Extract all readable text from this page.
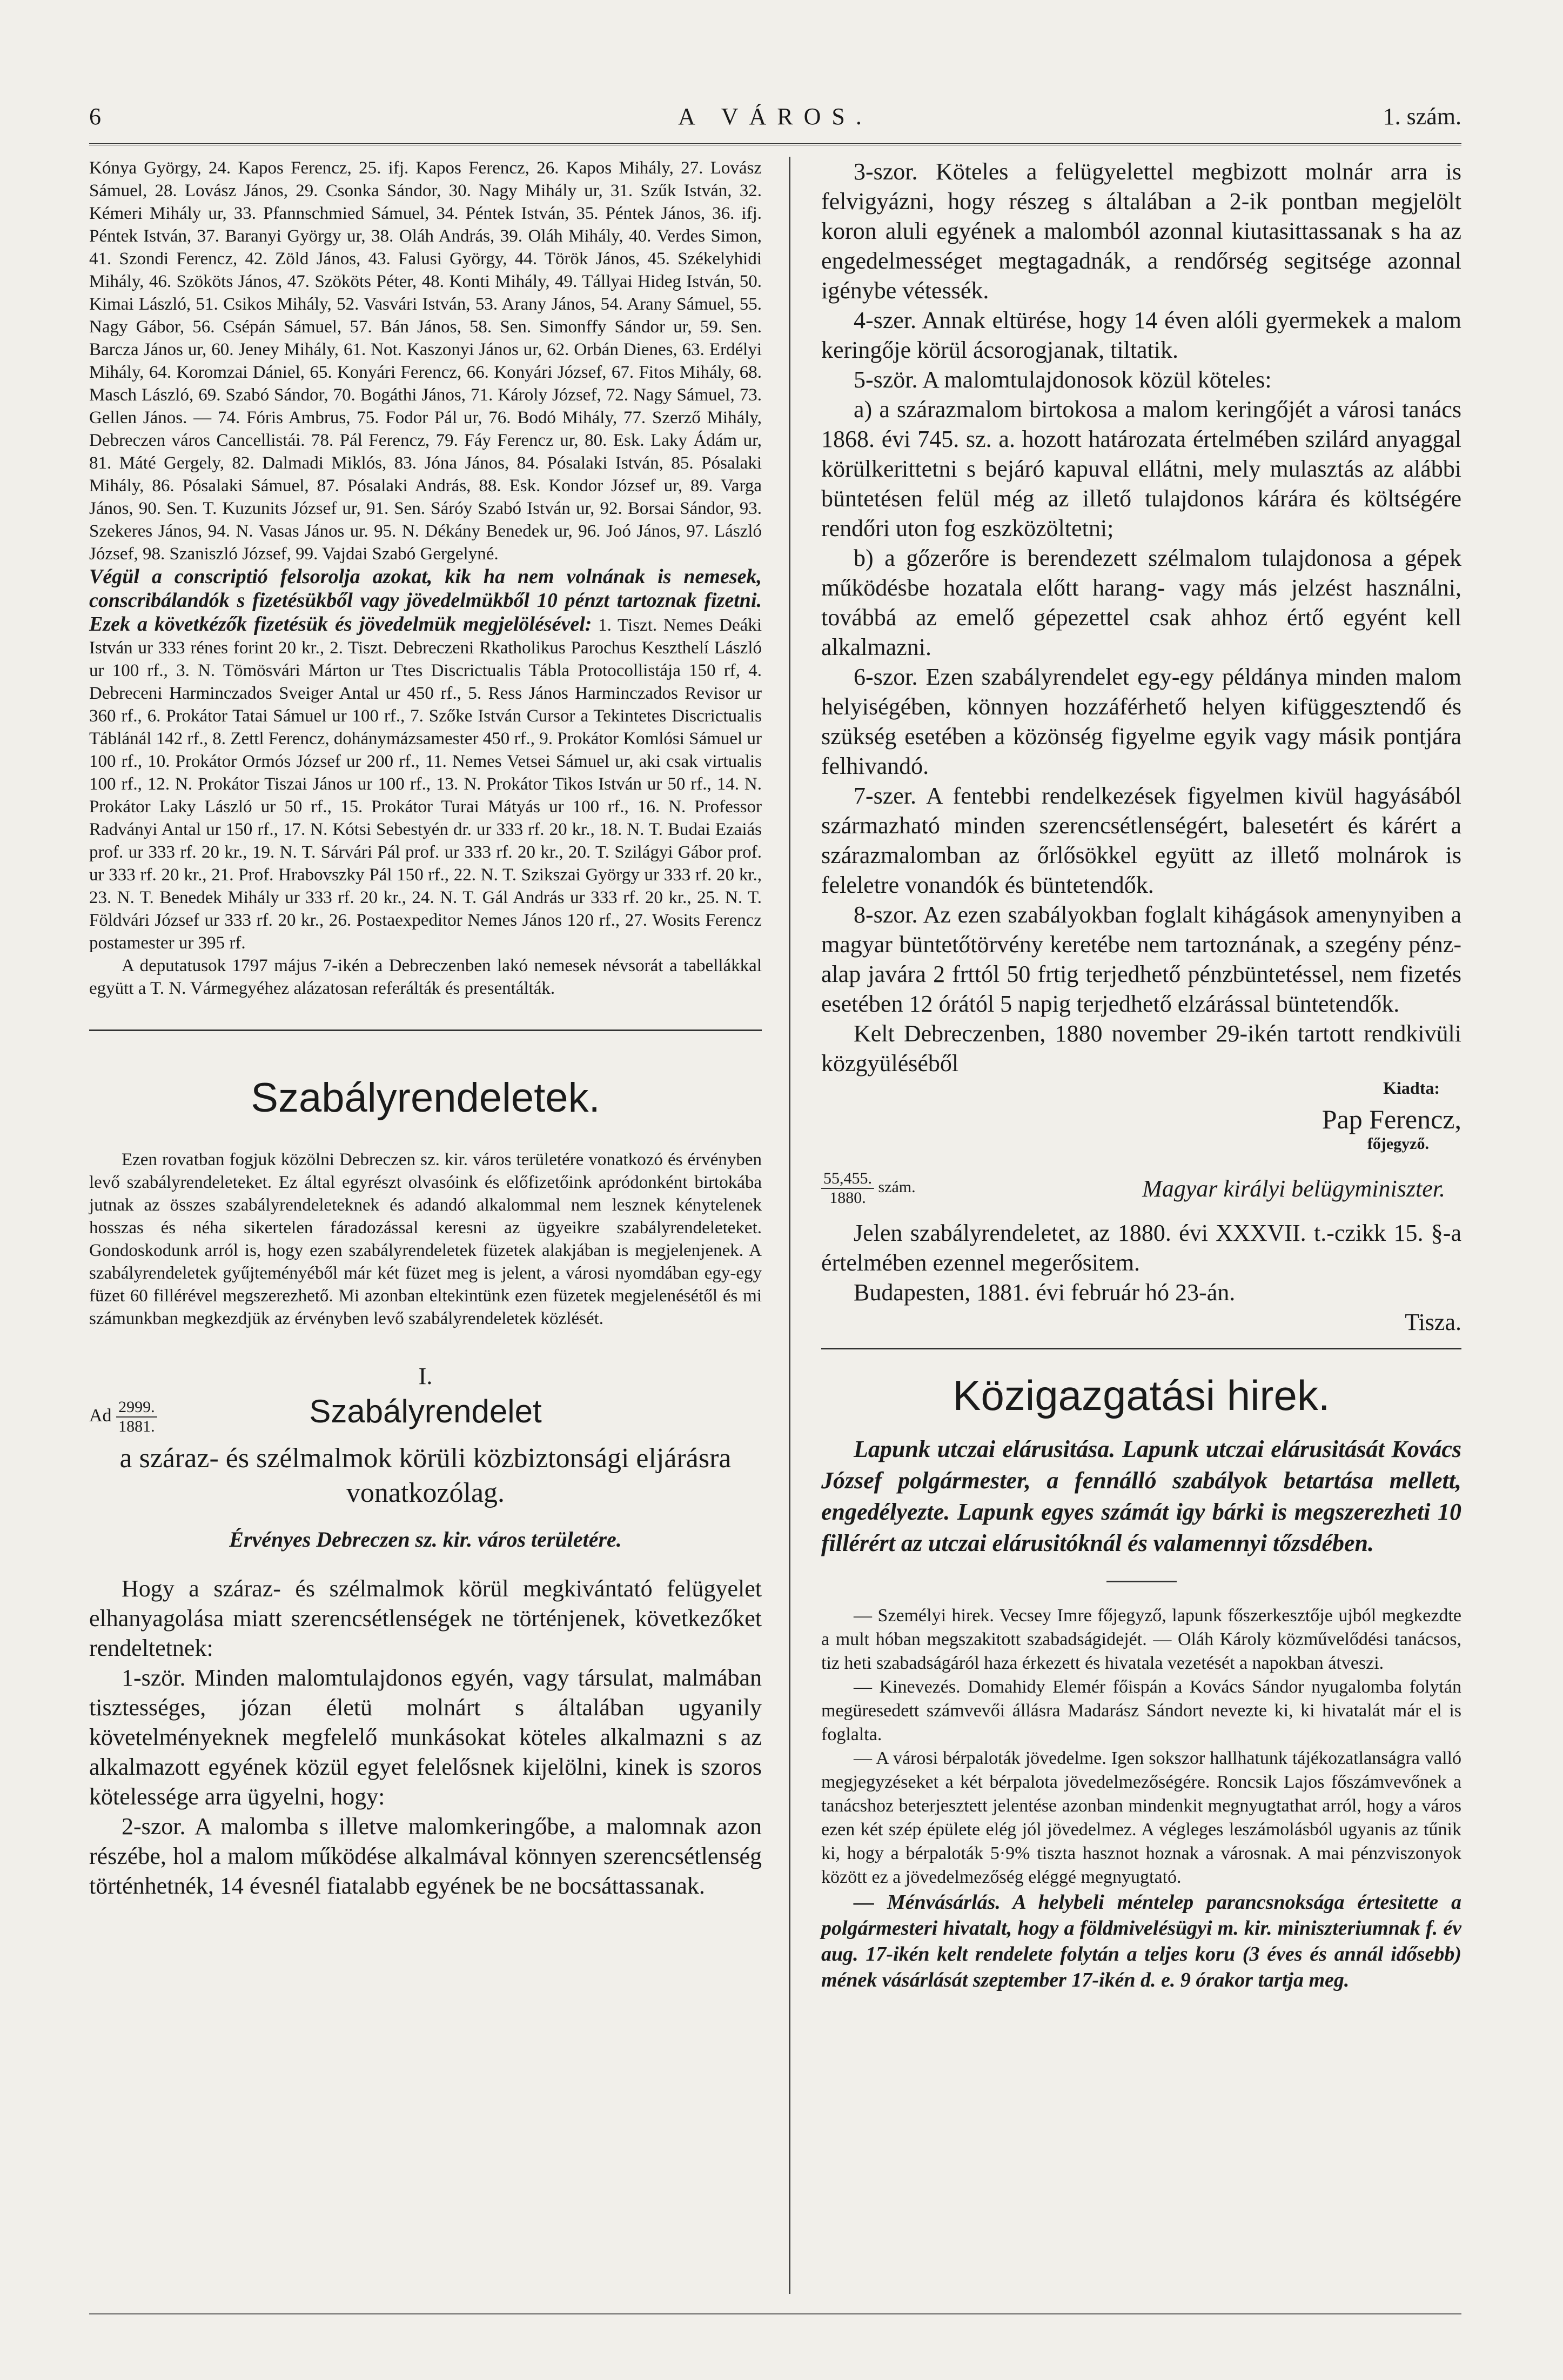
6	A VÁROS.	1. szám.

Kónya György, 24. Kapos Ferencz, 25. ifj. Kapos Ferencz, 26. Kapos Mihály, 27. Lovász Sámuel, 28. Lovász János, 29. Csonka Sándor, 30. Nagy Mihály ur, 31. Szűk István, 32. Kémeri Mihály ur, 33. Pfannschmied Sámuel, 34. Péntek István, 35. Péntek János, 36. ifj. Péntek István, 37. Baranyi György ur, 38. Oláh András, 39. Oláh Mihály, 40. Verdes Simon, 41. Szondi Ferencz, 42. Zöld János, 43. Falusi György, 44. Török János, 45. Székelyhidi Mihály, 46. Szököts János, 47. Szököts Péter, 48. Konti Mihály, 49. Tállyai Hideg István, 50. Kimai László, 51. Csikos Mihály, 52. Vasvári István, 53. Arany János, 54. Arany Sámuel, 55. Nagy Gábor, 56. Csépán Sámuel, 57. Bán János, 58. Sen. Simonffy Sándor ur, 59. Sen. Barcza János ur, 60. Jeney Mihály, 61. Not. Kaszonyi János ur, 62. Orbán Dienes, 63. Erdélyi Mihály, 64. Koromzai Dániel, 65. Konyári Ferencz, 66. Konyári József, 67. Fitos Mihály, 68. Masch László, 69. Szabó Sándor, 70. Bogáthi János, 71. Károly József, 72. Nagy Sámuel, 73. Gellen János. — 74. Fóris Ambrus, 75. Fodor Pál ur, 76. Bodó Mihály, 77. Szerző Mihály, Debreczen város Cancellistái. 78. Pál Ferencz, 79. Fáy Ferencz ur, 80. Esk. Laky Ádám ur, 81. Máté Gergely, 82. Dalmadi Miklós, 83. Jóna János, 84. Pósalaki István, 85. Pósalaki Mihály, 86. Pósalaki Sámuel, 87. Pósalaki András, 88. Esk. Kondor József ur, 89. Varga János, 90. Sen. T. Kuzunits József ur, 91. Sen. Sáróy Szabó István ur, 92. Borsai Sándor, 93. Szekeres János, 94. N. Vasas János ur. 95. N. Dékány Benedek ur, 96. Joó János, 97. László József, 98. Szaniszló József, 99. Vajdai Szabó Gergelyné.

Végül a conscriptió felsorolja azokat, kik ha nem volnának is nemesek, conscribálandók s fizetésükből vagy jövedelmükből 10 pénzt tartoznak fizetni. Ezek a követkézők fizetésük és jövedelmük megjelölésével: 1. Tiszt. Nemes Deáki István ur 333 rénes forint 20 kr., 2. Tiszt. Debreczeni Rkatholikus Parochus Keszthelí László ur 100 rf., 3. N. Tömösvári Márton ur Ttes Discrictualis Tábla Protocollistája 150 rf, 4. Debreceni Harminczados Sveiger Antal ur 450 rf., 5. Ress János Harminczados Revisor ur 360 rf., 6. Prokátor Tatai Sámuel ur 100 rf., 7. Szőke István Cursor a Tekintetes Discrictualis Táblánál 142 rf., 8. Zettl Ferencz, dohánymázsamester 450 rf., 9. Prokátor Komlósi Sámuel ur 100 rf., 10. Prokátor Ormós József ur 200 rf., 11. Nemes Vetsei Sámuel ur, aki csak virtualis 100 rf., 12. N. Prokátor Tiszai János ur 100 rf., 13. N. Prokátor Tikos István ur 50 rf., 14. N. Prokátor Laky László ur 50 rf., 15. Prokátor Turai Mátyás ur 100 rf., 16. N. Professor Radványi Antal ur 150 rf., 17. N. Kótsi Sebestyén dr. ur 333 rf. 20 kr., 18. N. T. Budai Ezaiás prof. ur 333 rf. 20 kr., 19. N. T. Sárvári Pál prof. ur 333 rf. 20 kr., 20. T. Szilágyi Gábor prof. ur 333 rf. 20 kr., 21. Prof. Hrabovszky Pál 150 rf., 22. N. T. Szikszai György ur 333 rf. 20 kr., 23. N. T. Benedek Mihály ur 333 rf. 20 kr., 24. N. T. Gál András ur 333 rf. 20 kr., 25. N. T. Földvári József ur 333 rf. 20 kr., 26. Postaexpeditor Nemes János 120 rf., 27. Wosits Ferencz postamester ur 395 rf.

A deputatusok 1797 május 7-ikén a Debreczenben lakó nemesek névsorát a tabellákkal együtt a T. N. Vármegyéhez alázatosan referálták és presentálták.

Szabályrendeletek.

Ezen rovatban fogjuk közölni Debreczen sz. kir. város területére vonatkozó és érvényben levő szabályrendeleteket. Ez által egyrészt olvasóink és előfizetőink apródonként birtokába jutnak az összes szabályrendeleteknek és adandó alkalommal nem lesznek kénytelenek hosszas és néha sikertelen fáradozással keresni az ügyeikre szabályrendeleteket. Gondoskodunk arról is, hogy ezen szabályrendeletek füzetek alakjában is megjelenjenek. A szabályrendeletek gyűjteményéből már két füzet meg is jelent, a városi nyomdában egy-egy füzet 60 fillérével megszerezhető. Mi azonban eltekintünk ezen füzetek megjelenésétől és mi számunkban megkezdjük az érvényben levő szabályrendeletek közlését.

I.

Ad $\frac{2999.}{1881.}$	Szabályrendelet

a száraz- és szélmalmok körüli közbiztonsági eljárásra vonatkozólag.

Érvényes Debreczen sz. kir. város területére.

Hogy a száraz- és szélmalmok körül megkivántató felügyelet elhanyagolása miatt szerencsétlenségek ne történjenek, következőket rendeltetnek:

1-ször. Minden malomtulajdonos egyén, vagy társulat, malmában tisztességes, józan életü molnárt s általában ugyanily követelményeknek megfelelő munkásokat köteles alkalmazni s az alkalmazott egyének közül egyet felelősnek kijelölni, kinek is szoros kötelessége arra ügyelni, hogy:

2-szor. A malomba s illetve malomkeringőbe, a malomnak azon részébe, hol a malom működése alkalmával könnyen szerencsétlenség történhetnék, 14 évesnél fiatalabb egyének be ne bocsáttassanak.

3-szor. Köteles a felügyelettel megbizott molnár arra is felvigyázni, hogy részeg s általában a 2-ik pontban megjelölt koron aluli egyének a malomból azonnal kiutasittassanak s ha az engedelmességet megtagadnák, a rendőrség segitsége azonnal igénybe vétessék.

4-szer. Annak eltürése, hogy 14 éven alóli gyermekek a malom keringője körül ácsorogjanak, tiltatik.

5-ször. A malomtulajdonosok közül köteles:

a) a szárazmalom birtokosa a malom keringőjét a városi tanács 1868. évi 745. sz. a. hozott határozata értelmében szilárd anyaggal körülkerittetni s bejáró kapuval ellátni, mely mulasztás az alábbi büntetésen felül még az illető tulajdonos kárára és költségére rendőri uton fog eszközöltetni;

b) a gőzerőre is berendezett szélmalom tulajdonosa a gépek működésbe hozatala előtt harang- vagy más jelzést használni, továbbá az emelő gépezettel csak ahhoz értő egyént kell alkalmazni.

6-szor. Ezen szabályrendelet egy-egy példánya minden malom helyiségében, könnyen hozzáférhető helyen kifüggesztendő és szükség esetében a közönség figyelme egyik vagy másik pontjára felhivandó.

7-szer. A fentebbi rendelkezések figyelmen kivül hagyásából származható minden szerencsétlenségért, balesetért és kárért a szárazmalomban az őrlősökkel együtt az illető molnárok is feleletre vonandók és büntetendők.

8-szor. Az ezen szabályokban foglalt kihágások amenynyiben a magyar büntetőtörvény keretébe nem tartoznának, a szegény pénz-alap javára 2 frttól 50 frtig terjedhető pénzbüntetéssel, nem fizetés esetében 12 órától 5 napig terjedhető elzárással büntetendők.

Kelt Debreczenben, 1880 november 29-ikén tartott rendkivüli közgyüléséből

Kiadta:

Pap Ferencz,

főjegyző.

$\frac{55,455.}{1880.}$ szám.	Magyar királyi belügyminiszter.

Jelen szabályrendeletet, az 1880. évi XXXVII. t.-czikk 15. §-a értelmében ezennel megerősitem.

Budapesten, 1881. évi február hó 23-án.

Tisza.

Közigazgatási hirek.

Lapunk utczai elárusitása. Lapunk utczai elárusitását Kovács József polgármester, a fennálló szabályok betartása mellett, engedélyezte. Lapunk egyes számát igy bárki is megszerezheti 10 fillérért az utczai elárusitóknál és valamennyi tőzsdében.

— Személyi hirek. Vecsey Imre főjegyző, lapunk főszerkesztője ujból megkezdte a mult hóban megszakitott szabadságidejét. — Oláh Károly közművelődési tanácsos, tiz heti szabadságáról haza érkezett és hivatala vezetését a napokban átveszi.

— Kinevezés. Domahidy Elemér főispán a Kovács Sándor nyugalomba folytán megüresedett számvevői állásra Madarász Sándort nevezte ki, ki hivatalát már el is foglalta.

— A városi bérpaloták jövedelme. Igen sokszor hallhatunk tájékozatlanságra valló megjegyzéseket a két bérpalota jövedelmezőségére. Roncsik Lajos főszámvevőnek a tanácshoz beterjesztett jelentése azonban mindenkit megnyugtathat arról, hogy a város ezen két szép épülete elég jól jövedelmez. A végleges leszámolásból ugyanis az tűnik ki, hogy a bérpaloták 5·9% tiszta hasznot hoznak a városnak. A mai pénzviszonyok között ez a jövedelmezőség eléggé megnyugtató.

— Ménvásárlás. A helybeli méntelep parancsnoksága értesitette a polgármesteri hivatalt, hogy a földmivelésügyi m. kir. miniszteriumnak f. év aug. 17-ikén kelt rendelete folytán a teljes koru (3 éves és annál idősebb) mének vásárlását szeptember 17-ikén d. e. 9 órakor tartja meg.
